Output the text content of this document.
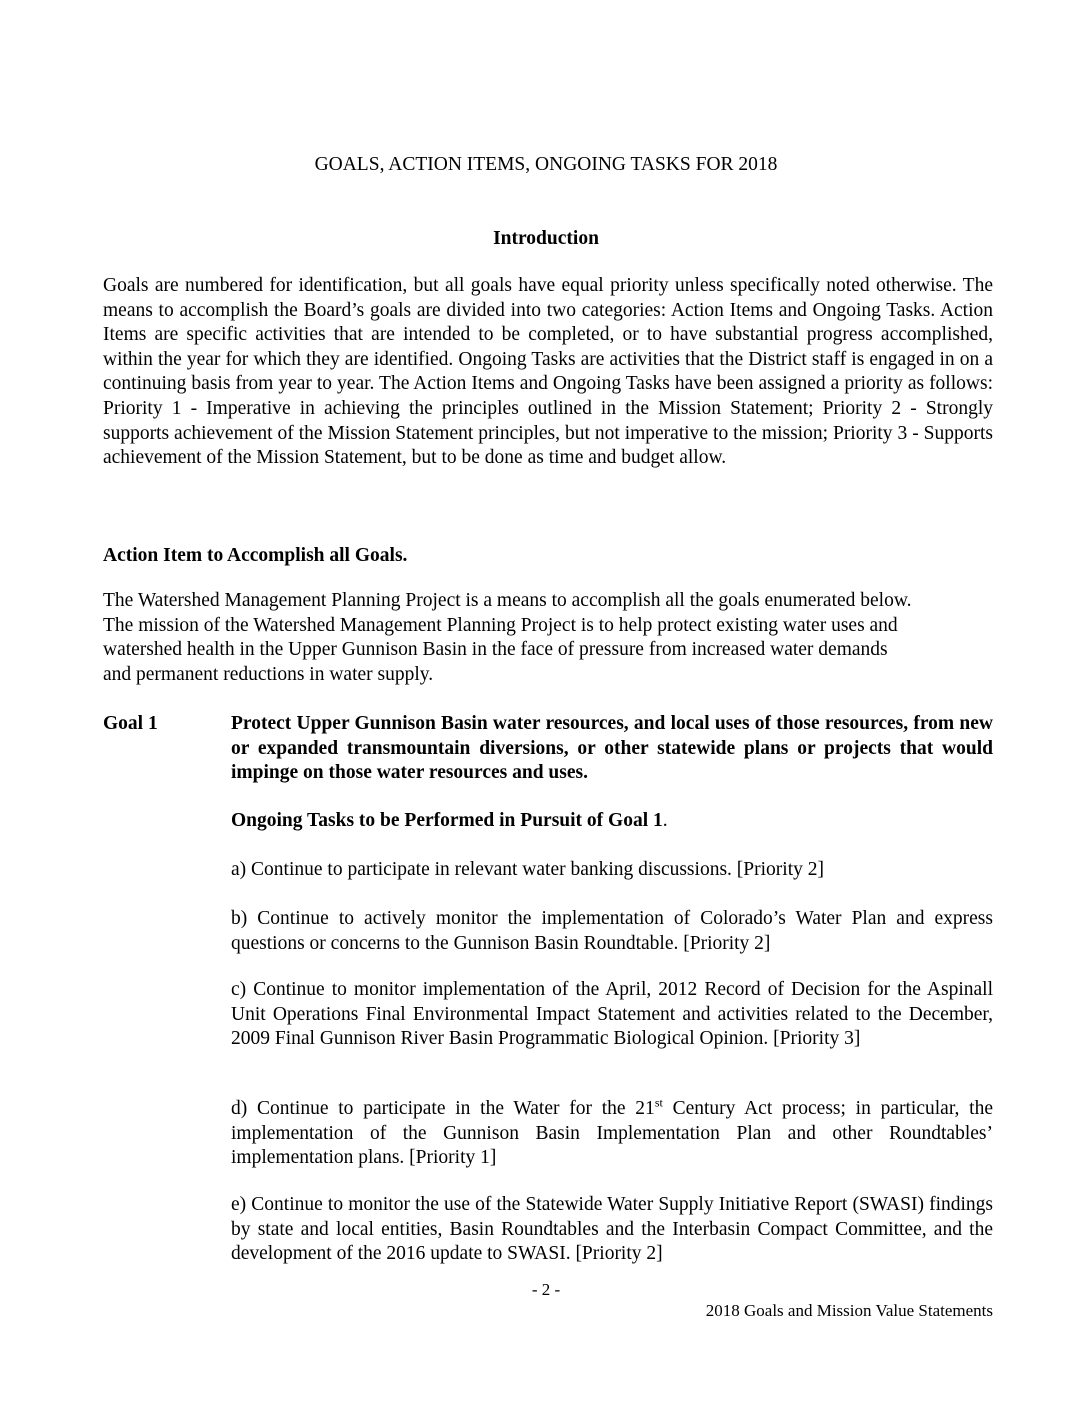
GOALS, ACTION ITEMS, ONGOING TASKS FOR 2018
Introduction
Goals are numbered for identification, but all goals have equal priority unless specifically noted otherwise. The means to accomplish the Board’s goals are divided into two categories: Action Items and Ongoing Tasks. Action Items are specific activities that are intended to be completed, or to have substantial progress accomplished, within the year for which they are identified. Ongoing Tasks are activities that the District staff is engaged in on a continuing basis from year to year. The Action Items and Ongoing Tasks have been assigned a priority as follows: Priority 1 - Imperative in achieving the principles outlined in the Mission Statement; Priority 2 - Strongly supports achievement of the Mission Statement principles, but not imperative to the mission; Priority 3 - Supports achievement of the Mission Statement, but to be done as time and budget allow.
Action Item to Accomplish all Goals.
The Watershed Management Planning Project is a means to accomplish all the goals enumerated below.
The mission of the Watershed Management Planning Project is to help protect existing water uses and
watershed health in the Upper Gunnison Basin in the face of pressure from increased water demands
and permanent reductions in water supply.
Goal 1	Protect Upper Gunnison Basin water resources, and local uses of those resources, from new or expanded transmountain diversions, or other statewide plans or projects that would impinge on those water resources and uses.
Ongoing Tasks to be Performed in Pursuit of Goal 1.
a) Continue to participate in relevant water banking discussions. [Priority 2]
b) Continue to actively monitor the implementation of Colorado’s Water Plan and express questions or concerns to the Gunnison Basin Roundtable. [Priority 2]
c) Continue to monitor implementation of the April, 2012 Record of Decision for the Aspinall Unit Operations Final Environmental Impact Statement and activities related to the December, 2009 Final Gunnison River Basin Programmatic Biological Opinion. [Priority 3]
d) Continue to participate in the Water for the 21st Century Act process; in particular, the implementation of the Gunnison Basin Implementation Plan and other Roundtables’ implementation plans. [Priority 1]
e) Continue to monitor the use of the Statewide Water Supply Initiative Report (SWASI) findings by state and local entities, Basin Roundtables and the Interbasin Compact Committee, and the development of the 2016 update to SWASI. [Priority 2]
- 2 -
2018 Goals and Mission Value Statements
